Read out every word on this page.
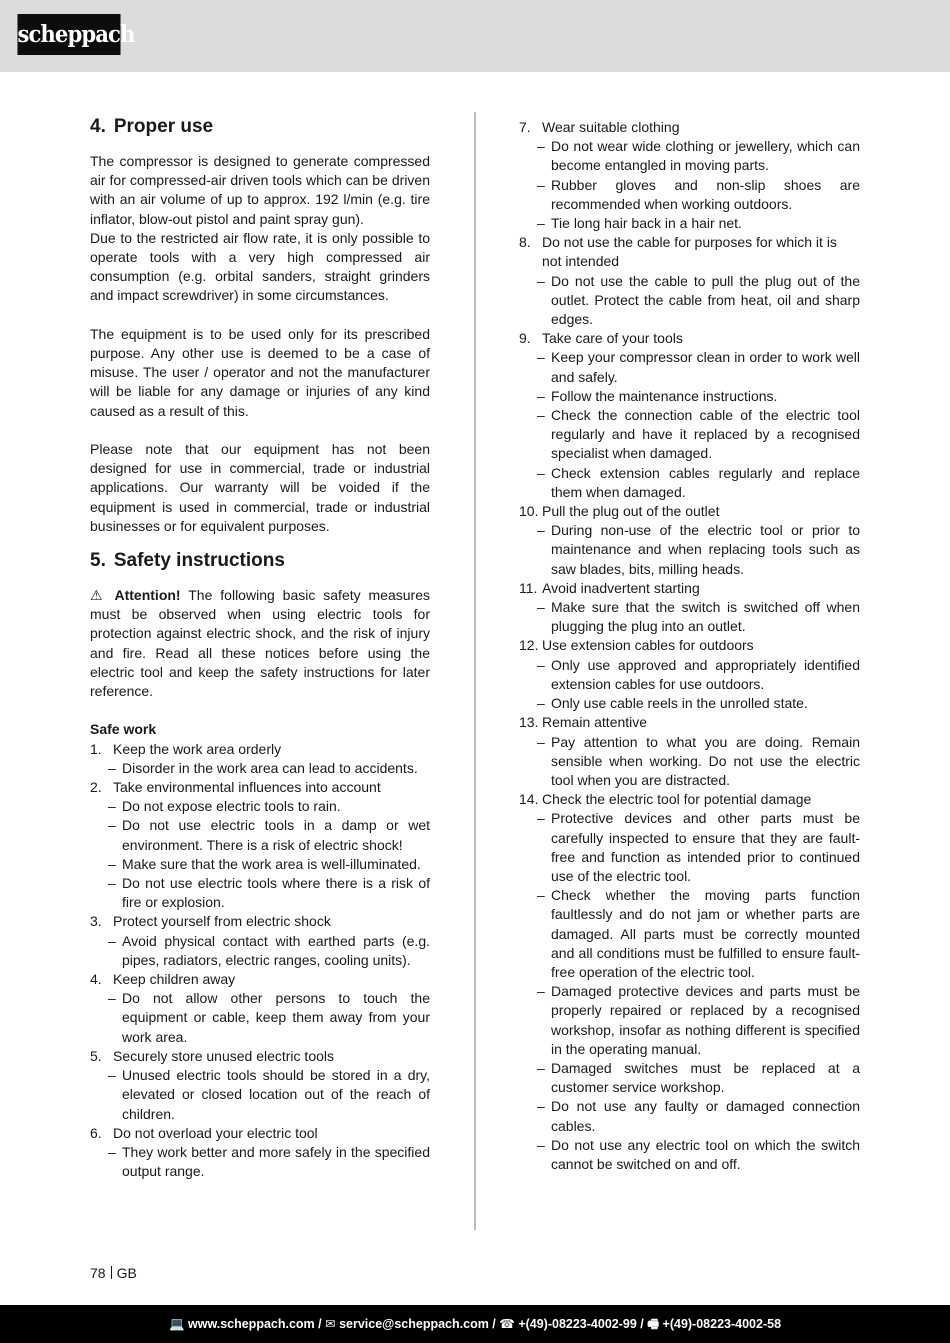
scheppach
4. Proper use

The compressor is designed to generate compressed air for compressed-air driven tools which can be driven with an air volume of up to approx. 192 l/min (e.g. tire inflator, blow-out pistol and paint spray gun).

Due to the restricted air flow rate, it is only possible to operate tools with a very high compressed air consumption (e.g. orbital sanders, straight grinders and impact screwdriver) in some circumstances.

The equipment is to be used only for its prescribed purpose. Any other use is deemed to be a case of misuse. The user / operator and not the manufacturer will be liable for any damage or injuries of any kind caused as a result of this.

Please note that our equipment has not been designed for use in commercial, trade or industrial applications. Our warranty will be voided if the equipment is used in commercial, trade or industrial businesses or for equivalent purposes.

5. Safety instructions

⚠ Attention! The following basic safety measures must be observed when using electric tools for protection against electric shock, and the risk of injury and fire. Read all these notices before using the electric tool and keep the safety instructions for later reference.

Safe work

1. Keep the work area orderly
– Disorder in the work area can lead to accidents.
2. Take environmental influences into account
– Do not expose electric tools to rain.
– Do not use electric tools in a damp or wet environment. There is a risk of electric shock!
– Make sure that the work area is well-illuminated.
– Do not use electric tools where there is a risk of fire or explosion.
3. Protect yourself from electric shock
– Avoid physical contact with earthed parts (e.g. pipes, radiators, electric ranges, cooling units).
4. Keep children away
– Do not allow other persons to touch the equipment or cable, keep them away from your work area.
5. Securely store unused electric tools
– Unused electric tools should be stored in a dry, elevated or closed location out of the reach of children.
6. Do not overload your electric tool
– They work better and more safely in the specified output range.
7. Wear suitable clothing
– Do not wear wide clothing or jewellery, which can become entangled in moving parts.
– Rubber gloves and non-slip shoes are recommended when working outdoors.
– Tie long hair back in a hair net.
8. Do not use the cable for purposes for which it is not intended
– Do not use the cable to pull the plug out of the outlet. Protect the cable from heat, oil and sharp edges.
9. Take care of your tools
– Keep your compressor clean in order to work well and safely.
– Follow the maintenance instructions.
– Check the connection cable of the electric tool regularly and have it replaced by a recognised specialist when damaged.
– Check extension cables regularly and replace them when damaged.
10. Pull the plug out of the outlet
– During non-use of the electric tool or prior to maintenance and when replacing tools such as saw blades, bits, milling heads.
11. Avoid inadvertent starting
– Make sure that the switch is switched off when plugging the plug into an outlet.
12. Use extension cables for outdoors
– Only use approved and appropriately identified extension cables for use outdoors.
– Only use cable reels in the unrolled state.
13. Remain attentive
– Pay attention to what you are doing. Remain sensible when working. Do not use the electric tool when you are distracted.
14. Check the electric tool for potential damage
– Protective devices and other parts must be carefully inspected to ensure that they are fault-free and function as intended prior to continued use of the electric tool.
– Check whether the moving parts function faultlessly and do not jam or whether parts are damaged. All parts must be correctly mounted and all conditions must be fulfilled to ensure fault-free operation of the electric tool.
– Damaged protective devices and parts must be properly repaired or replaced by a recognised workshop, insofar as nothing different is specified in the operating manual.
– Damaged switches must be replaced at a customer service workshop.
– Do not use any faulty or damaged connection cables.
– Do not use any electric tool on which the switch cannot be switched on and off.
78 GB
💻 www.scheppach.com / ✉ service@scheppach.com / ☎ +(49)-08223-4002-99 / 🖷 +(49)-08223-4002-58
